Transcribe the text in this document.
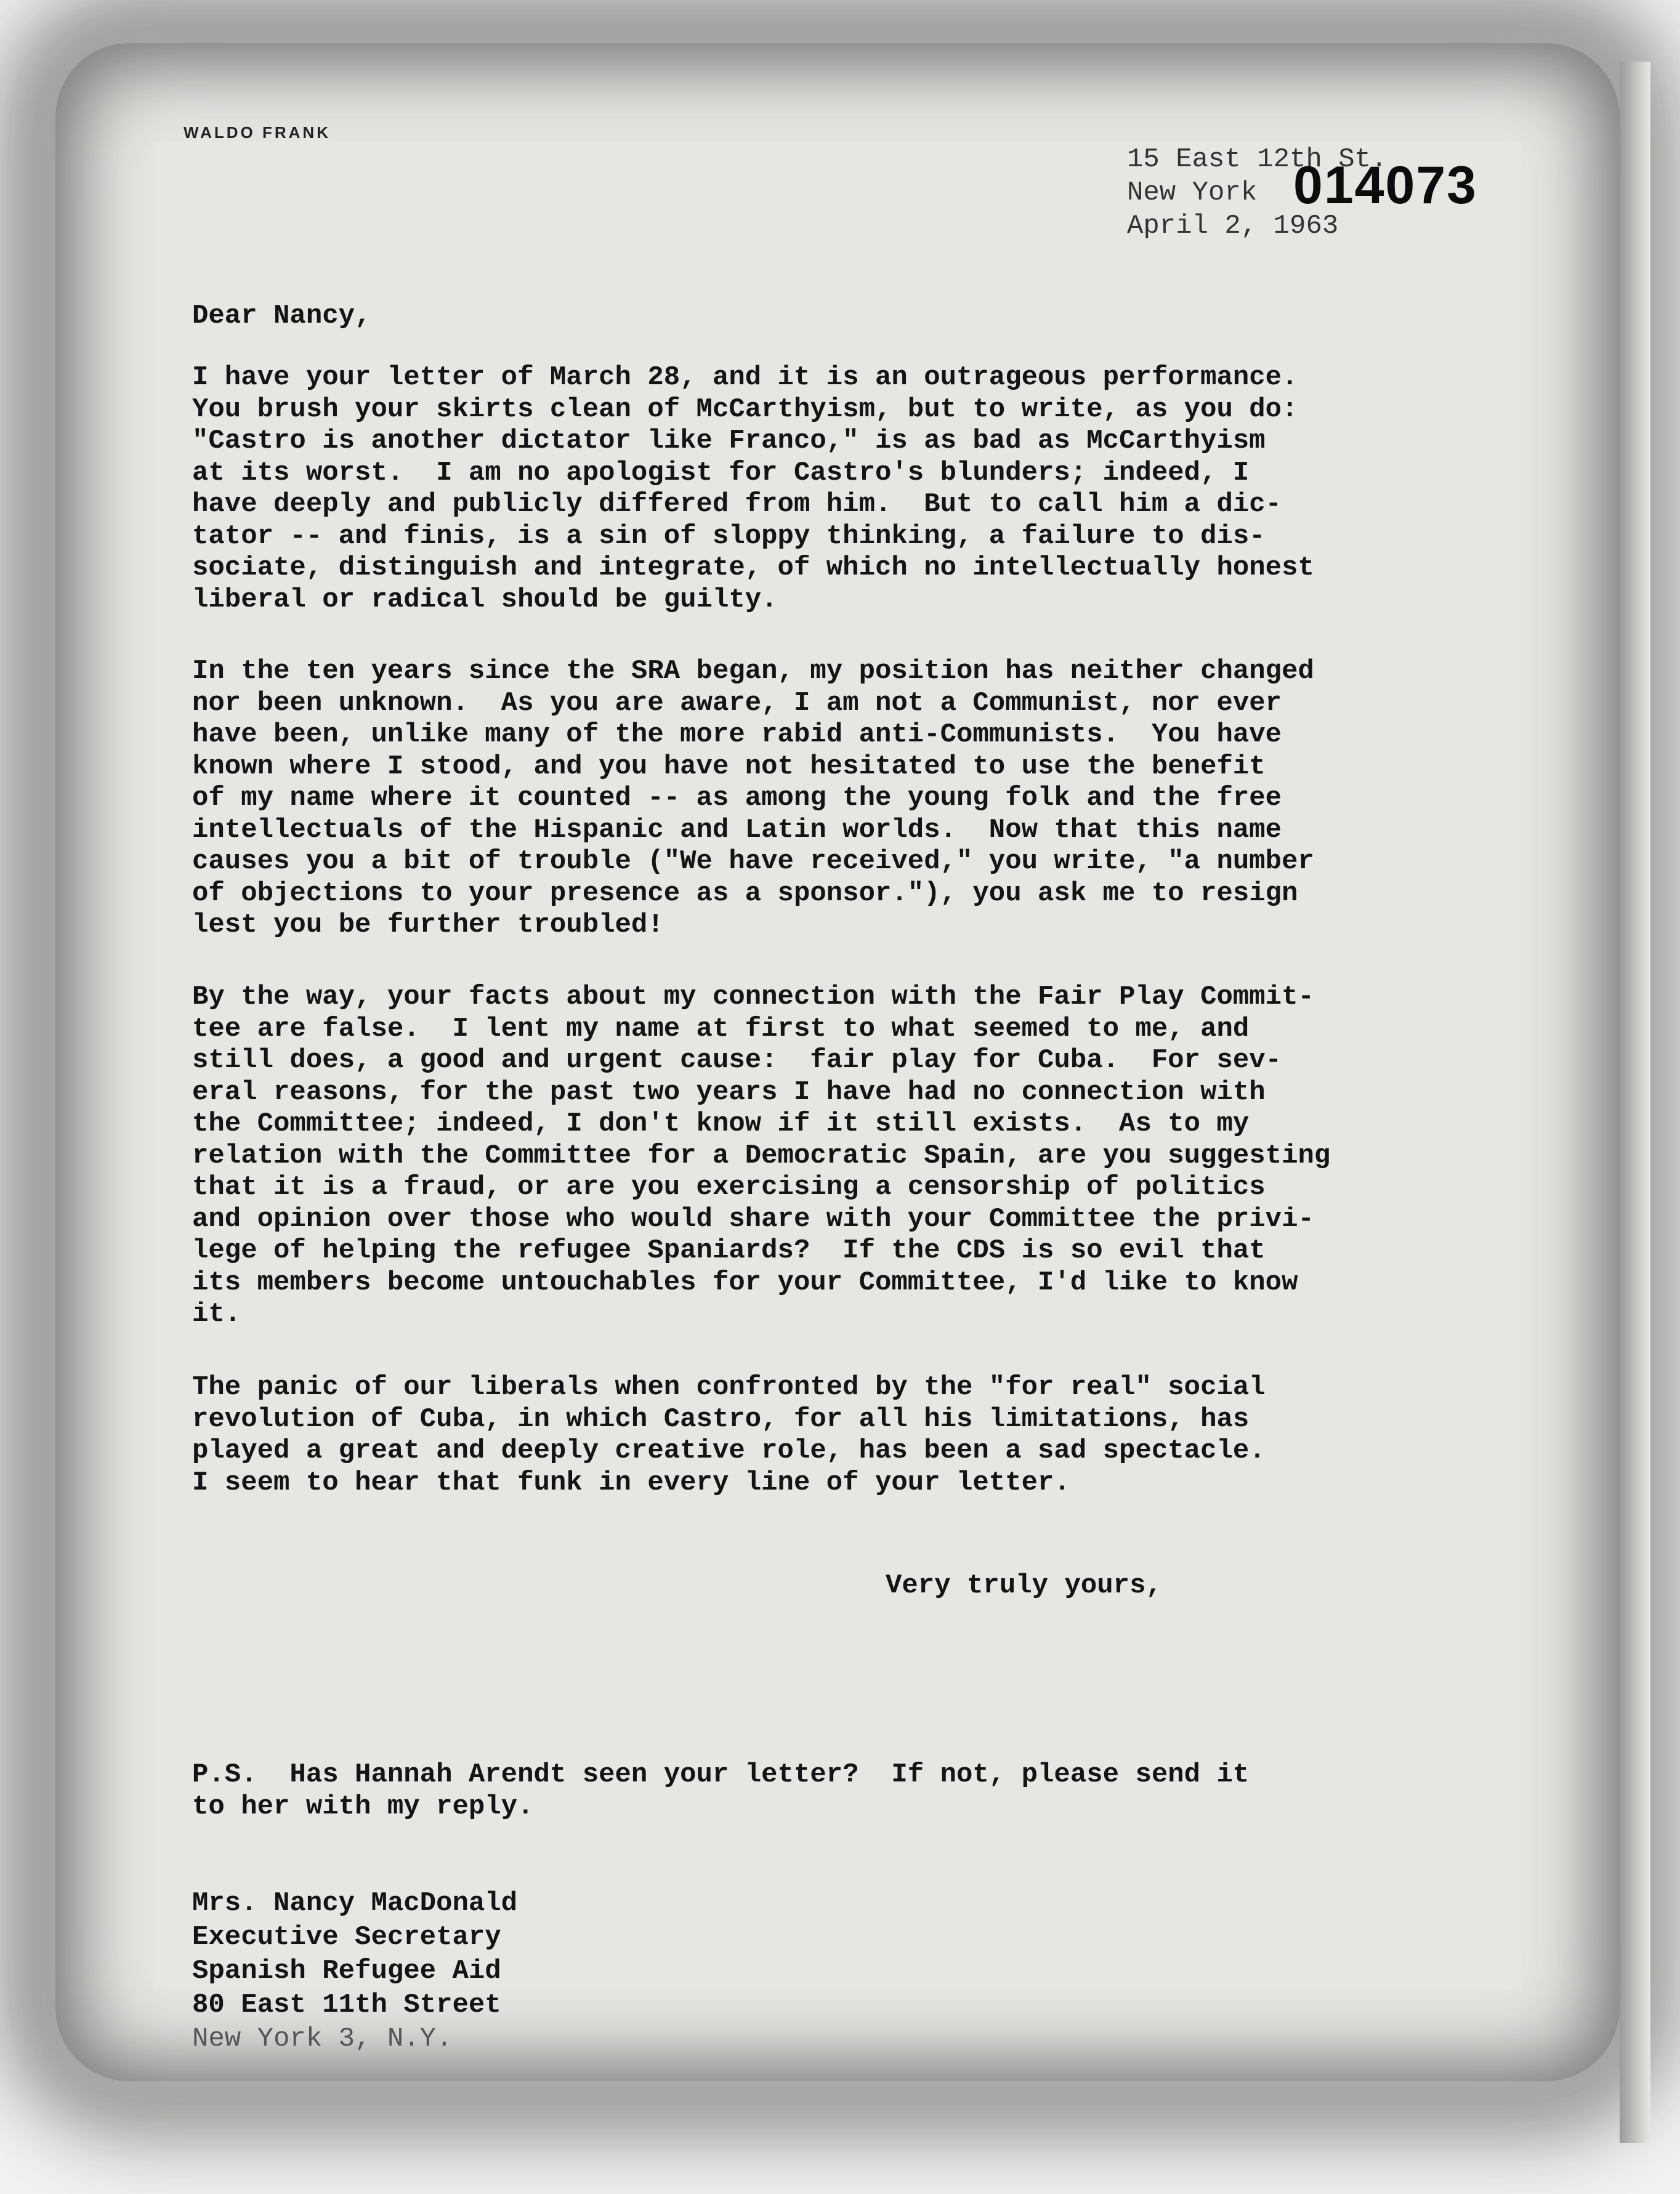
WALDO FRANK
15 East 12th St.
New York
April 2, 1963
014073
Dear Nancy,
I have your letter of March 28, and it is an outrageous performance.
You brush your skirts clean of McCarthyism, but to write, as you do:
"Castro is another dictator like Franco," is as bad as McCarthyism
at its worst.  I am no apologist for Castro's blunders; indeed, I
have deeply and publicly differed from him.  But to call him a dic-
tator -- and finis, is a sin of sloppy thinking, a failure to dis-
sociate, distinguish and integrate, of which no intellectually honest
liberal or radical should be guilty.
In the ten years since the SRA began, my position has neither changed
nor been unknown.  As you are aware, I am not a Communist, nor ever
have been, unlike many of the more rabid anti-Communists.  You have
known where I stood, and you have not hesitated to use the benefit
of my name where it counted -- as among the young folk and the free
intellectuals of the Hispanic and Latin worlds.  Now that this name
causes you a bit of trouble ("We have received," you write, "a number
of objections to your presence as a sponsor."), you ask me to resign
lest you be further troubled!
By the way, your facts about my connection with the Fair Play Commit-
tee are false.  I lent my name at first to what seemed to me, and
still does, a good and urgent cause:  fair play for Cuba.  For sev-
eral reasons, for the past two years I have had no connection with
the Committee; indeed, I don't know if it still exists.  As to my
relation with the Committee for a Democratic Spain, are you suggesting
that it is a fraud, or are you exercising a censorship of politics
and opinion over those who would share with your Committee the privi-
lege of helping the refugee Spaniards?  If the CDS is so evil that
its members become untouchables for your Committee, I'd like to know
it.
The panic of our liberals when confronted by the "for real" social
revolution of Cuba, in which Castro, for all his limitations, has
played a great and deeply creative role, has been a sad spectacle.
I seem to hear that funk in every line of your letter.
Very truly yours,
P.S.  Has Hannah Arendt seen your letter?  If not, please send it
to her with my reply.
Mrs. Nancy MacDonald
Executive Secretary
Spanish Refugee Aid
80 East 11th Street
New York 3, N.Y.
